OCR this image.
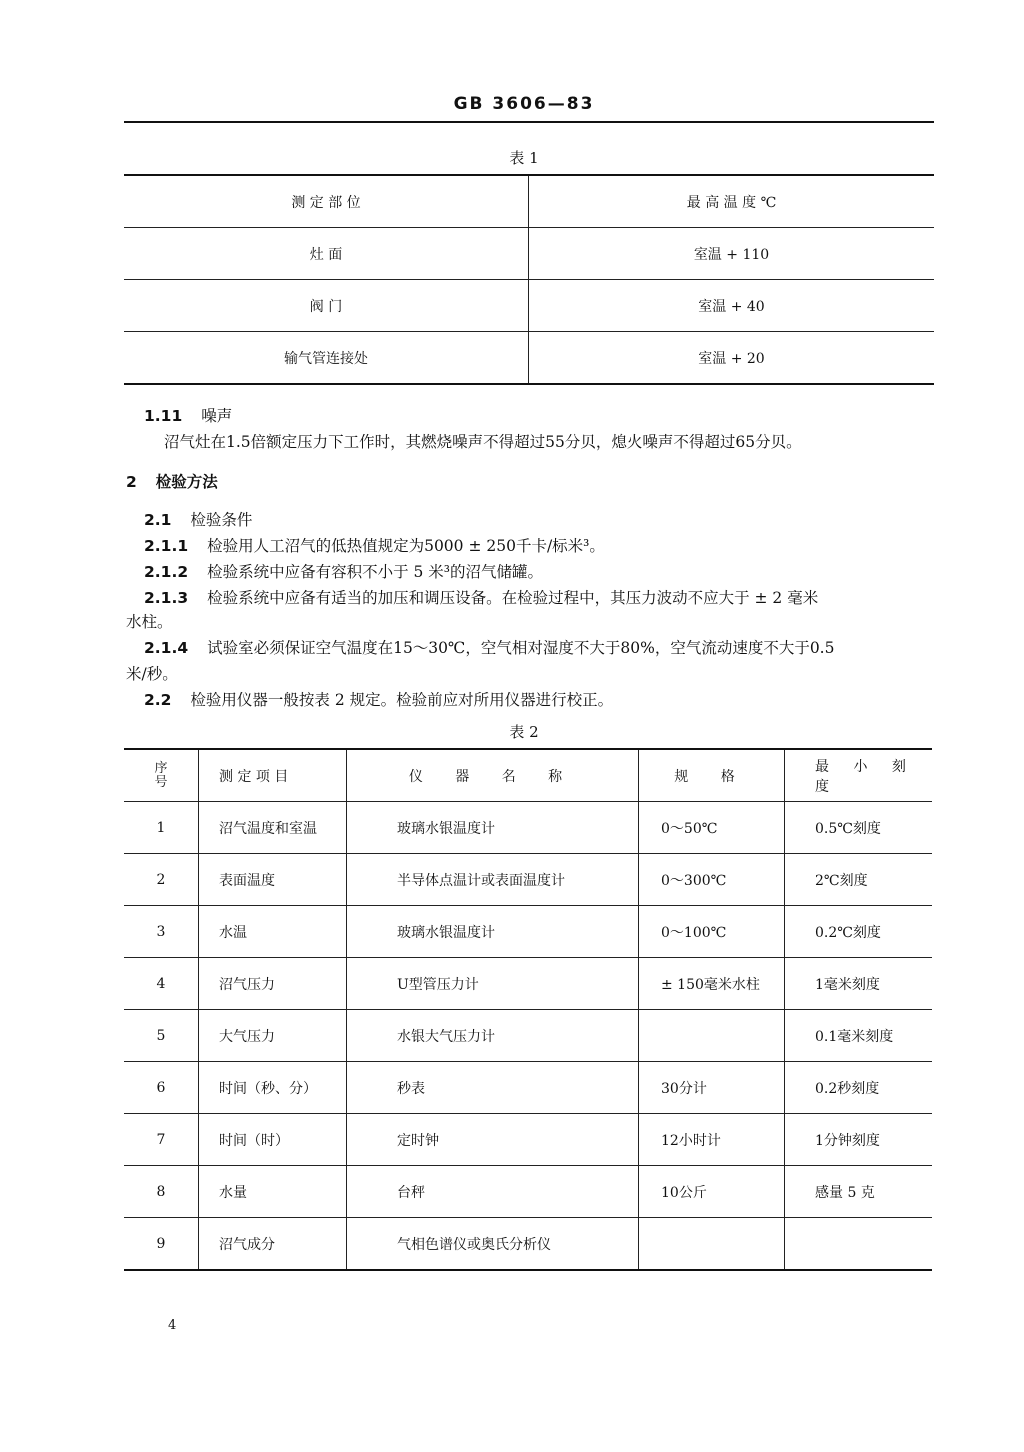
GB 3606—83
表 1
测 定 部 位	最 高 温 度 ℃
灶 面	室温 + 110
阀 门	室温 + 40
输气管连接处	室温 + 20
1.11 噪声
沼气灶在1.5倍额定压力下工作时，其燃烧噪声不得超过55分贝，熄火噪声不得超过65分贝。
2 检验方法
2.1 检验条件
2.1.1 检验用人工沼气的低热值规定为5000 ± 250千卡/标米³。
2.1.2 检验系统中应备有容积不小于 5 米³的沼气储罐。
2.1.3 检验系统中应备有适当的加压和调压设备。在检验过程中，其压力波动不应大于 ± 2 毫米
水柱。
2.1.4 试验室必须保证空气温度在15～30℃，空气相对湿度不大于80%，空气流动速度不大于0.5
米/秒。
2.2 检验用仪器一般按表 2 规定。检验前应对所用仪器进行校正。
表 2
序号	测 定 项 目	仪 器 名 称	规 格	最 小 刻 度
1	沼气温度和室温	玻璃水银温度计	0～50℃	0.5℃刻度
2	表面温度	半导体点温计或表面温度计	0～300℃	2℃刻度
3	水温	玻璃水银温度计	0～100℃	0.2℃刻度
4	沼气压力	U型管压力计	± 150毫米水柱	1毫米刻度
5	大气压力	水银大气压力计		0.1毫米刻度
6	时间（秒、分）	秒表	30分计	0.2秒刻度
7	时间（时）	定时钟	12小时计	1分钟刻度
8	水量	台秤	10公斤	感量 5 克
9	沼气成分	气相色谱仪或奥氏分析仪		
4
